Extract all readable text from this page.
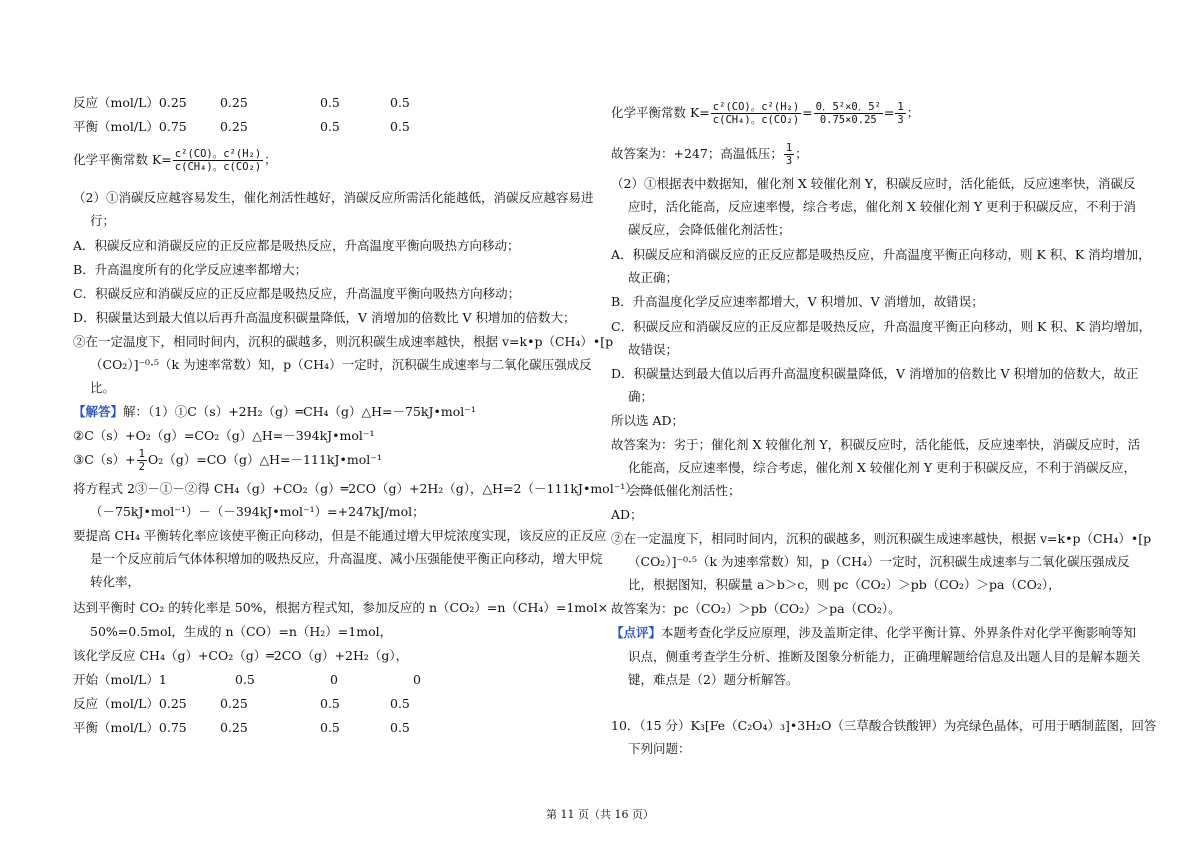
反应（mol/L）0.25	0.25	0.5	0.5
平衡（mol/L）0.75	0.25	0.5	0.5
化学平衡常数 $K= \frac{\text{c²(CO)。c²(H₂)}}{\text{c(CH₄)。c(CO₂)}}$ ；
（2）①消碳反应越容易发生，催化剂活性越好，消碳反应所需活化能越低，消碳反应越容易进
行；
A．积碳反应和消碳反应的正反应都是吸热反应，升高温度平衡向吸热方向移动；
B．升高温度所有的化学反应速率都增大；
C．积碳反应和消碳反应的正反应都是吸热反应，升高温度平衡向吸热方向移动；
D．积碳量达到最大值以后再升高温度积碳量降低，V 消增加的倍数比 V 积增加的倍数大；
②在一定温度下，相同时间内，沉积的碳越多，则沉积碳生成速率越快，根据 v=k•p（CH₄）•[p
（CO₂）]⁻⁰·⁵（k 为速率常数）知，p（CH₄）一定时，沉积碳生成速率与二氧化碳压强成反
比。
【解答】解：（1）①C（s）+2H₂（g）═CH₄（g）△H=－75kJ•mol⁻¹
②C（s）+O₂（g）=CO₂（g）△H=－394kJ•mol⁻¹
③C（s）+ $\frac{1}{2}$ O₂（g）=CO（g）△H=－111kJ•mol⁻¹
将方程式 2③－①－②得 CH₄（g）+CO₂（g）═2CO（g）+2H₂（g），△H=2（－111kJ•mol⁻¹）－
（－75kJ•mol⁻¹）－（－394kJ•mol⁻¹）=+247kJ/mol；
要提高 CH₄ 平衡转化率应该使平衡正向移动，但是不能通过增大甲烷浓度实现，该反应的正反应
是一个反应前后气体体积增加的吸热反应，升高温度、减小压强能使平衡正向移动，增大甲烷
转化率，
达到平衡时 CO₂ 的转化率是 50%，根据方程式知，参加反应的 n（CO₂）=n（CH₄）=1mol×
50%=0.5mol，生成的 n（CO）=n（H₂）=1mol，
该化学反应 CH₄（g）+CO₂（g）═2CO（g）+2H₂（g），
开始（mol/L）1	0.5	0	0
反应（mol/L）0.25	0.25	0.5	0.5
平衡（mol/L）0.75	0.25	0.5	0.5
化学平衡常数 $K= \frac{\text{c²(CO)。c²(H₂)}}{\text{c(CH₄)。c(CO₂)}} = \frac{\text{0．5²×0．5²}}{0.75\times 0.25} = \frac{1}{3}$ ；
故答案为：+247；高温低压； $\frac{1}{3}$ ；
（2）①根据表中数据知，催化剂 X 较催化剂 Y，积碳反应时，活化能低，反应速率快，消碳反
应时，活化能高，反应速率慢，综合考虑，催化剂 X 较催化剂 Y 更利于积碳反应，不利于消
碳反应，会降低催化剂活性；
A．积碳反应和消碳反应的正反应都是吸热反应，升高温度平衡正向移动，则 K 积、K 消均增加，
故正确；
B．升高温度化学反应速率都增大，V 积增加、V 消增加，故错误；
C．积碳反应和消碳反应的正反应都是吸热反应，升高温度平衡正向移动，则 K 积、K 消均增加，
故错误；
D．积碳量达到最大值以后再升高温度积碳量降低，V 消增加的倍数比 V 积增加的倍数大，故正
确；
所以选 AD；
故答案为：劣于；催化剂 X 较催化剂 Y，积碳反应时，活化能低，反应速率快，消碳反应时，活
化能高，反应速率慢，综合考虑，催化剂 X 较催化剂 Y 更利于积碳反应，不利于消碳反应，
会降低催化剂活性；
AD；
②在一定温度下，相同时间内，沉积的碳越多，则沉积碳生成速率越快，根据 v=k•p（CH₄）•[p
（CO₂）]⁻⁰·⁵（k 为速率常数）知，p（CH₄）一定时，沉积碳生成速率与二氧化碳压强成反
比，根据图知，积碳量 a＞b＞c，则 pc（CO₂）＞pb（CO₂）＞pa（CO₂），
故答案为：pc（CO₂）＞pb（CO₂）＞pa（CO₂）。
【点评】本题考查化学反应原理，涉及盖斯定律、化学平衡计算、外界条件对化学平衡影响等知
识点，侧重考查学生分析、推断及图象分析能力，正确理解题给信息及出题人目的是解本题关
键，难点是（2）题分析解答。
10．（15 分）K₃[Fe（C₂O₄）₃]•3H₂O（三草酸合铁酸钾）为亮绿色晶体，可用于晒制蓝图，回答
下列问题：
第 11 页（共 16 页）
